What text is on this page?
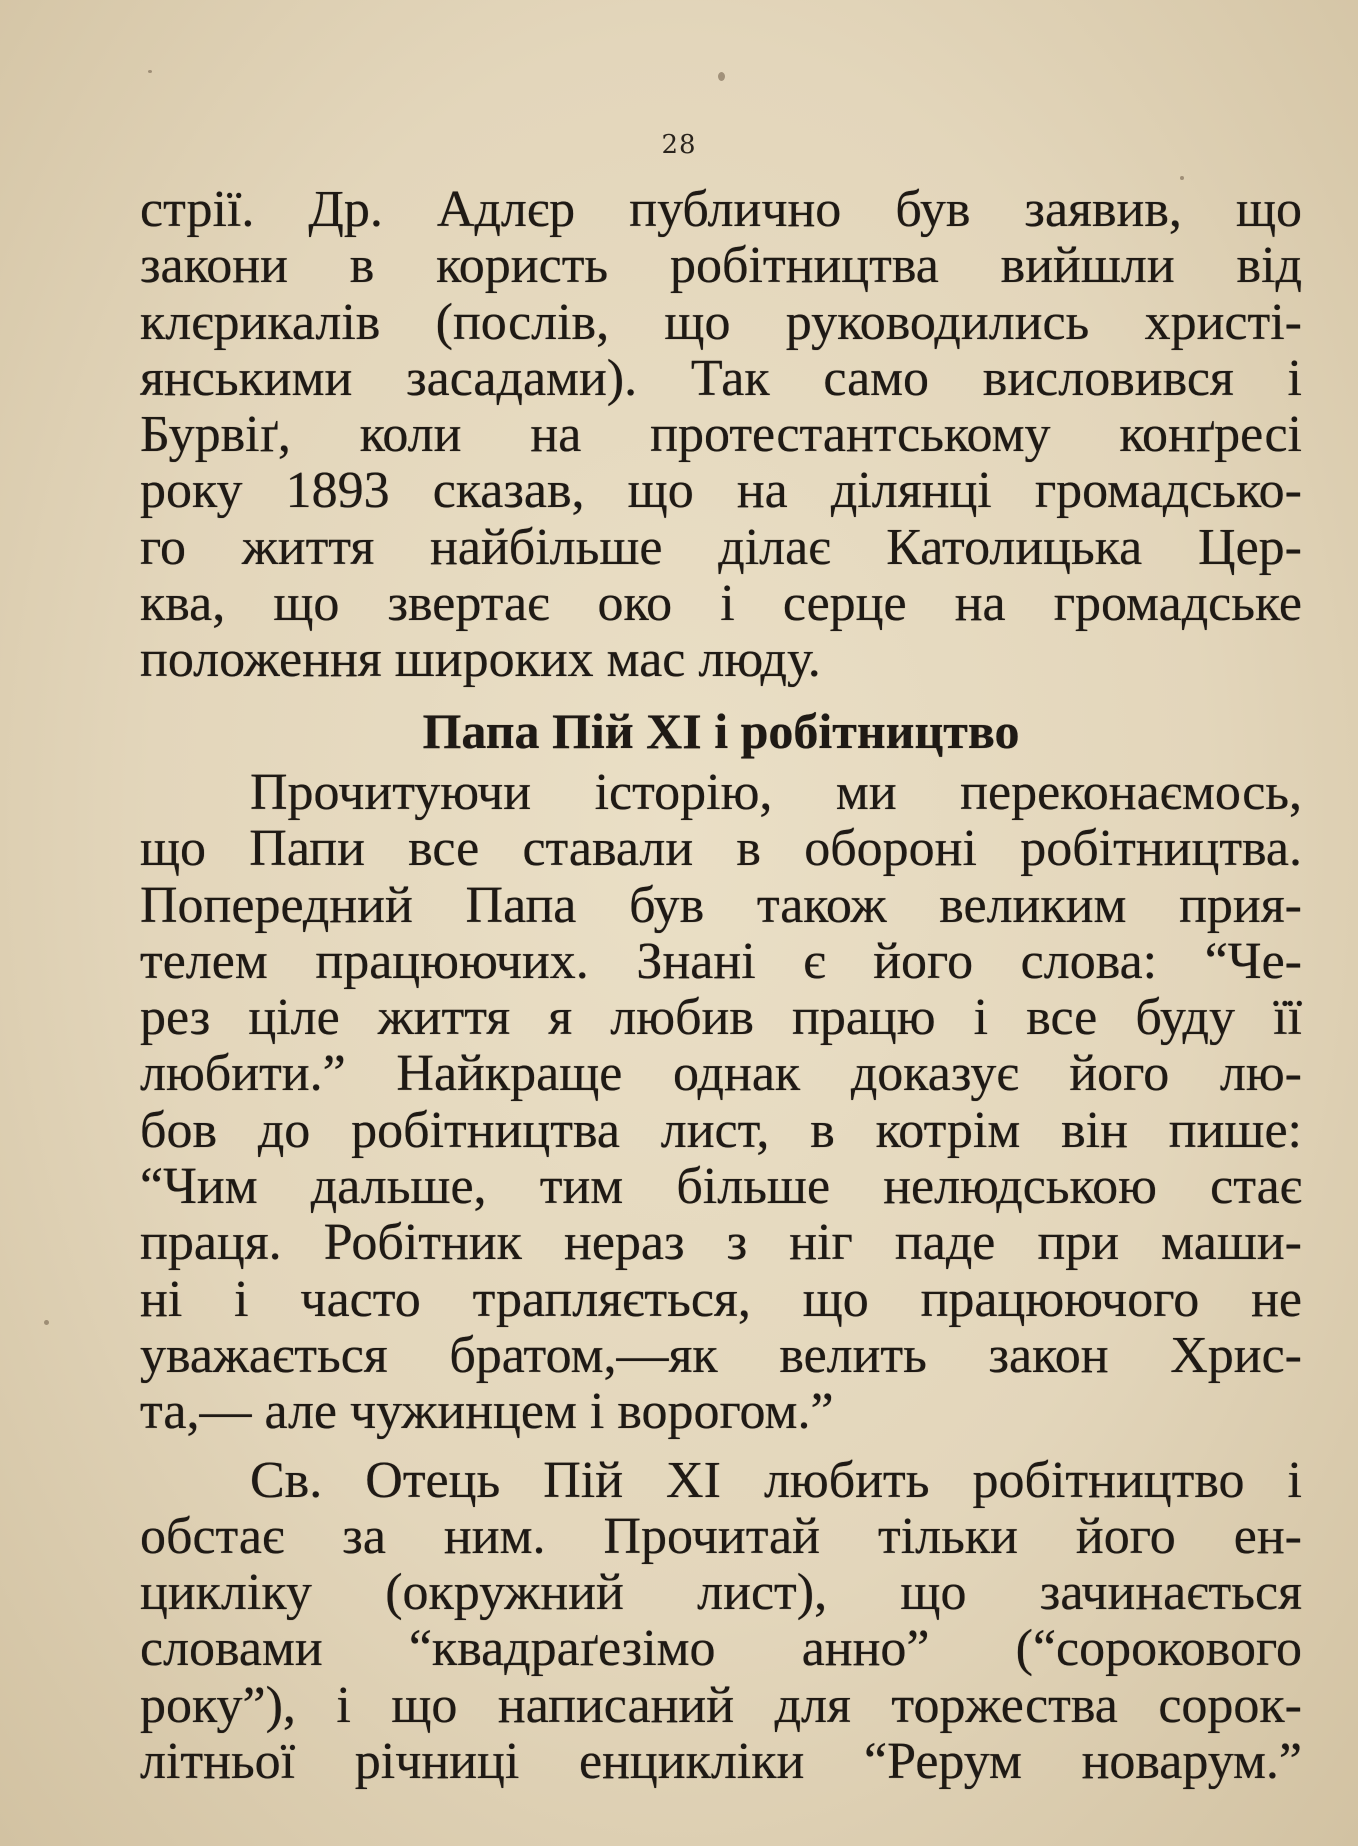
28
стрії. Др. Адлєр публично був заявив, що
закони в користь робітництва вийшли від
клєрикалів (послів, що руководились христі-
янськими засадами). Так само висловився і
Бурвіґ, коли на протестантському конґресі
року 1893 сказав, що на ділянці громадсько-
го життя найбільше ділає Католицька Цер-
ква, що звертає око і серце на громадське
положення широких мас люду.
Папа Пій XI і робітництво
Прочитуючи історію, ми переконаємось,
що Папи все ставали в обороні робітництва.
Попередний Папа був також великим прия-
телем працюючих. Знані є його слова: “Че-
рез ціле життя я любив працю і все буду її
любити.” Найкраще однак доказує його лю-
бов до робітництва лист, в котрім він пише:
“Чим дальше, тим більше нелюдською стає
праця. Робітник нераз з ніг паде при маши-
ні і часто трапляється, що працюючого не
уважається братом,—як велить закон Хрис-
та,— але чужинцем і ворогом.”
Св. Отець Пій XI любить робітництво і
обстає за ним. Прочитай тільки його ен-
цикліку (окружний лист), що зачинається
словами “квадраґезімо анно” (“сорокового
року”), і що написаний для торжества сорок-
літньої річниці енцикліки “Рерум новарум.”
